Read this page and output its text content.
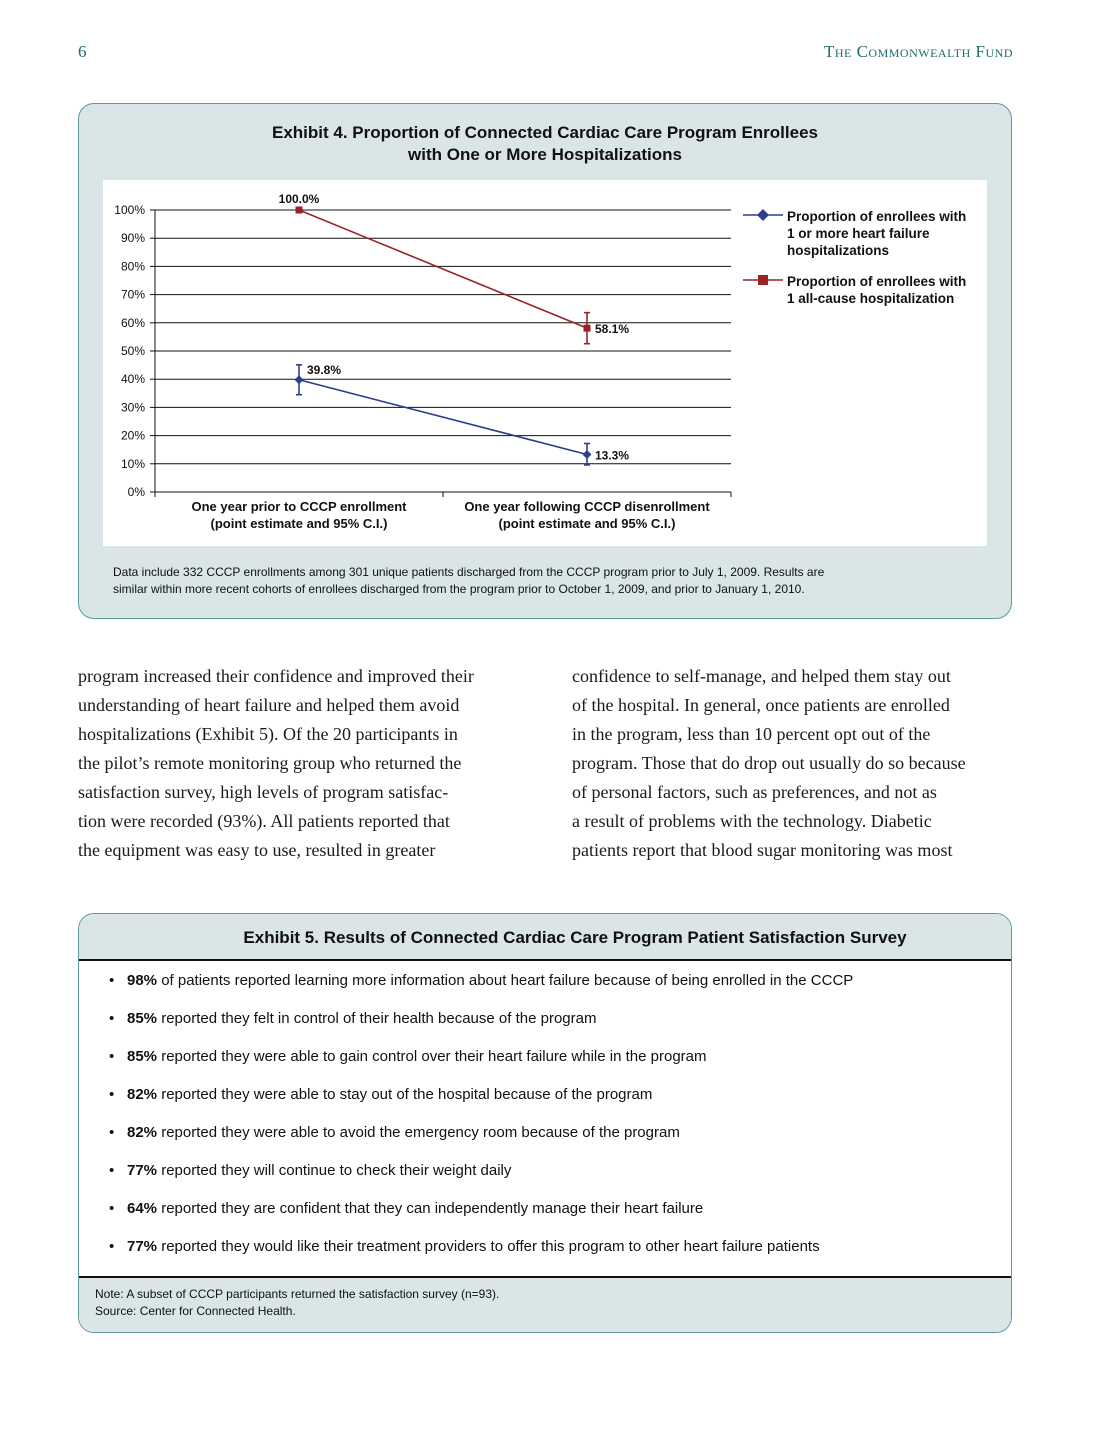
6	The Commonwealth Fund
Exhibit 4. Proportion of Connected Cardiac Care Program Enrollees
with One or More Hospitalizations
0%
10%
20%
30%
40%
50%
60%
70%
80%
90%
100%
One year prior to CCCP enrollment
(point estimate and 95% C.I.)
One year following CCCP disenrollment
(point estimate and 95% C.I.)
39.8%
13.3%
100.0%
58.1%
Proportion of enrollees with
1 or more heart failure
hospitalizations
Proportion of enrollees with
1 all-cause hospitalization
Data include 332 CCCP enrollments among 301 unique patients discharged from the CCCP program prior to July 1, 2009. Results are
similar within more recent cohorts of enrollees discharged from the program prior to October 1, 2009, and prior to January 1, 2010.
program increased their confidence and improved their
understanding of heart failure and helped them avoid
hospitalizations (Exhibit 5). Of the 20 participants in
the pilot’s remote monitoring group who returned the
satisfaction survey, high levels of program satisfac-
tion were recorded (93%). All patients reported that
the equipment was easy to use, resulted in greater
confidence to self-manage, and helped them stay out
of the hospital. In general, once patients are enrolled
in the program, less than 10 percent opt out of the
program. Those that do drop out usually do so because
of personal factors, such as preferences, and not as
a result of problems with the technology. Diabetic
patients report that blood sugar monitoring was most
Exhibit 5. Results of Connected Cardiac Care Program Patient Satisfaction Survey
• 98% of patients reported learning more information about heart failure because of being enrolled in the CCCP
• 85% reported they felt in control of their health because of the program
• 85% reported they were able to gain control over their heart failure while in the program
• 82% reported they were able to stay out of the hospital because of the program
• 82% reported they were able to avoid the emergency room because of the program
• 77% reported they will continue to check their weight daily
• 64% reported they are confident that they can independently manage their heart failure
• 77% reported they would like their treatment providers to offer this program to other heart failure patients
Note: A subset of CCCP participants returned the satisfaction survey (n=93).
Source: Center for Connected Health.
